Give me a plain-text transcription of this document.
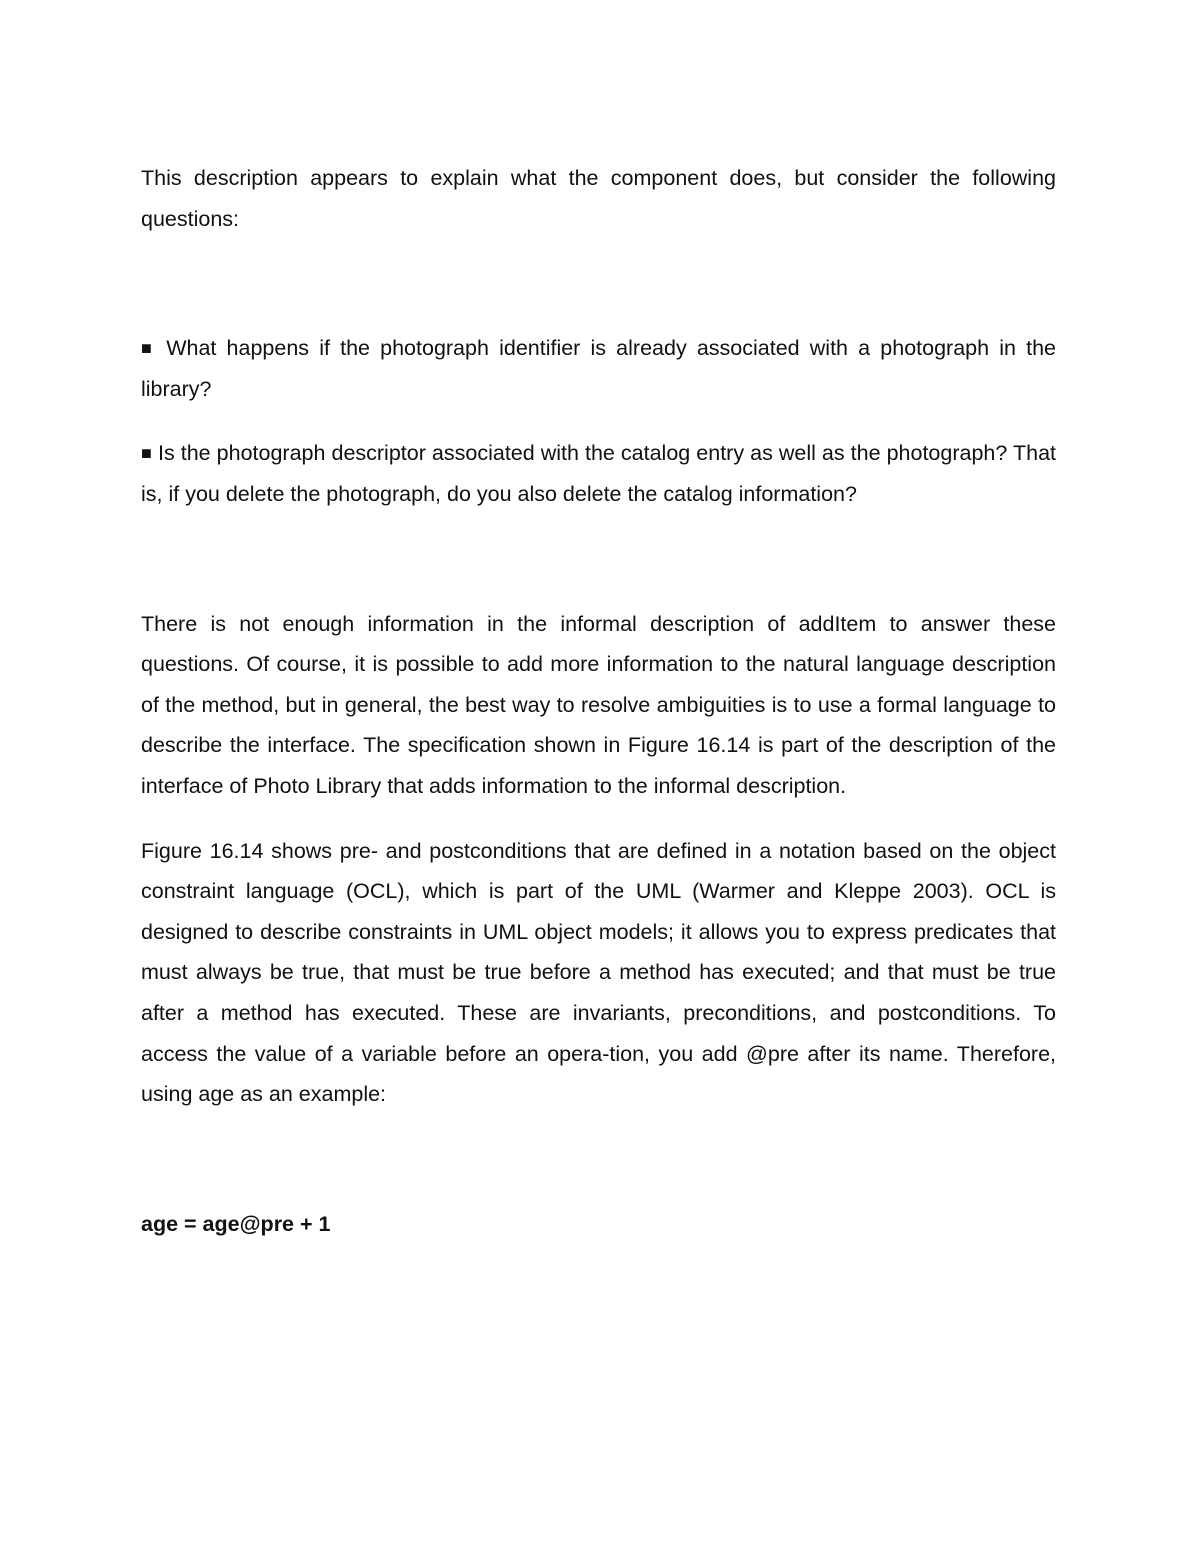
This description appears to explain what the component does, but consider the following questions:

■ What happens if the photograph identifier is already associated with a photograph in the library?

■ Is the photograph descriptor associated with the catalog entry as well as the photograph? That is, if you delete the photograph, do you also delete the catalog information?

There is not enough information in the informal description of addItem to answer these questions. Of course, it is possible to add more information to the natural language description of the method, but in general, the best way to resolve ambiguities is to use a formal language to describe the interface. The specification shown in Figure 16.14 is part of the description of the interface of Photo Library that adds information to the informal description.

Figure 16.14 shows pre- and postconditions that are defined in a notation based on the object constraint language (OCL), which is part of the UML (Warmer and Kleppe 2003). OCL is designed to describe constraints in UML object models; it allows you to express predicates that must always be true, that must be true before a method has executed; and that must be true after a method has executed. These are invariants, preconditions, and postconditions. To access the value of a variable before an opera-tion, you add @pre after its name. Therefore, using age as an example:

age = age@pre + 1
